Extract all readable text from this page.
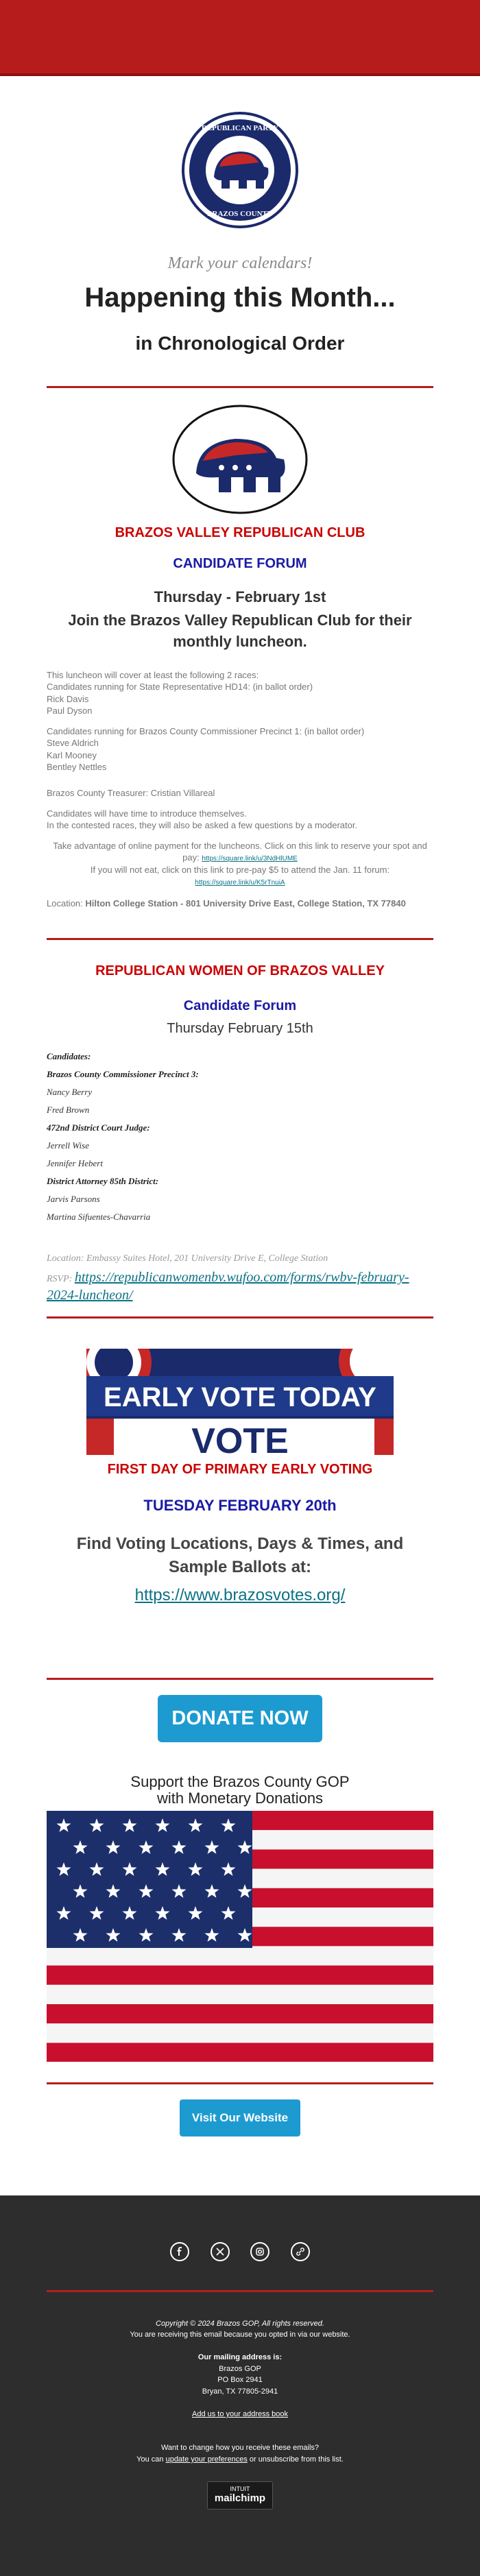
REPUBLICAN PARTY
BRAZOS COUNTY
Mark your calendars!
Happening this Month...
in Chronological Order
BRAZOS VALLEY REPUBLICAN CLUB
CANDIDATE FORUM
Thursday - February 1st
Join the Brazos Valley Republican Club for their monthly luncheon.

This luncheon will cover at least the following 2 races:
Candidates running for State Representative HD14: (in ballot order)
Rick Davis
Paul Dyson

Candidates running for Brazos County Commissioner Precinct 1: (in ballot order)
Steve Aldrich
Karl Mooney
Bentley Nettles

Brazos County Treasurer: Cristian Villareal

Candidates will have time to introduce themselves.
In the contested races, they will also be asked a few questions by a moderator.

Take advantage of online payment for the luncheons. Click on this link to reserve your spot and pay: https://square.link/u/3NdHlUME
If you will not eat, click on this link to pre-pay $5 to attend the Jan. 11 forum:
https://square.link/u/K5rTnuiA

Location: Hilton College Station - 801 University Drive East, College Station, TX 77840

REPUBLICAN WOMEN OF BRAZOS VALLEY
Candidate Forum
Thursday February 15th

Candidates:

Brazos County Commissioner Precinct 3:

Nancy Berry

Fred Brown

472nd District Court Judge:

Jerrell Wise

Jennifer Hebert

District Attorney 85th District:

Jarvis Parsons

Martina Sifuentes-Chavarria

Location: Embassy Suites Hotel, 201 University Drive E, College Station
RSVP: https://republicanwomenbv.wufoo.com/forms/rwbv-february-2024-luncheon/
EARLY VOTE TODAY
VOTE
FIRST DAY OF PRIMARY EARLY VOTING
TUESDAY FEBRUARY 20th
Find Voting Locations, Days & Times, and Sample Ballots at:
https://www.brazosvotes.org/
DONATE NOW
Support the Brazos County GOP
with Monetary Donations
Visit Our Website

Copyright © 2024 Brazos GOP, All rights reserved.
You are receiving this email because you opted in via our website.

Our mailing address is:
Brazos GOP
PO Box 2941
Bryan, TX 77805-2941

Add us to your address book

Want to change how you receive these emails?
You can update your preferences or unsubscribe from this list.
INTUIT
mailchimp
